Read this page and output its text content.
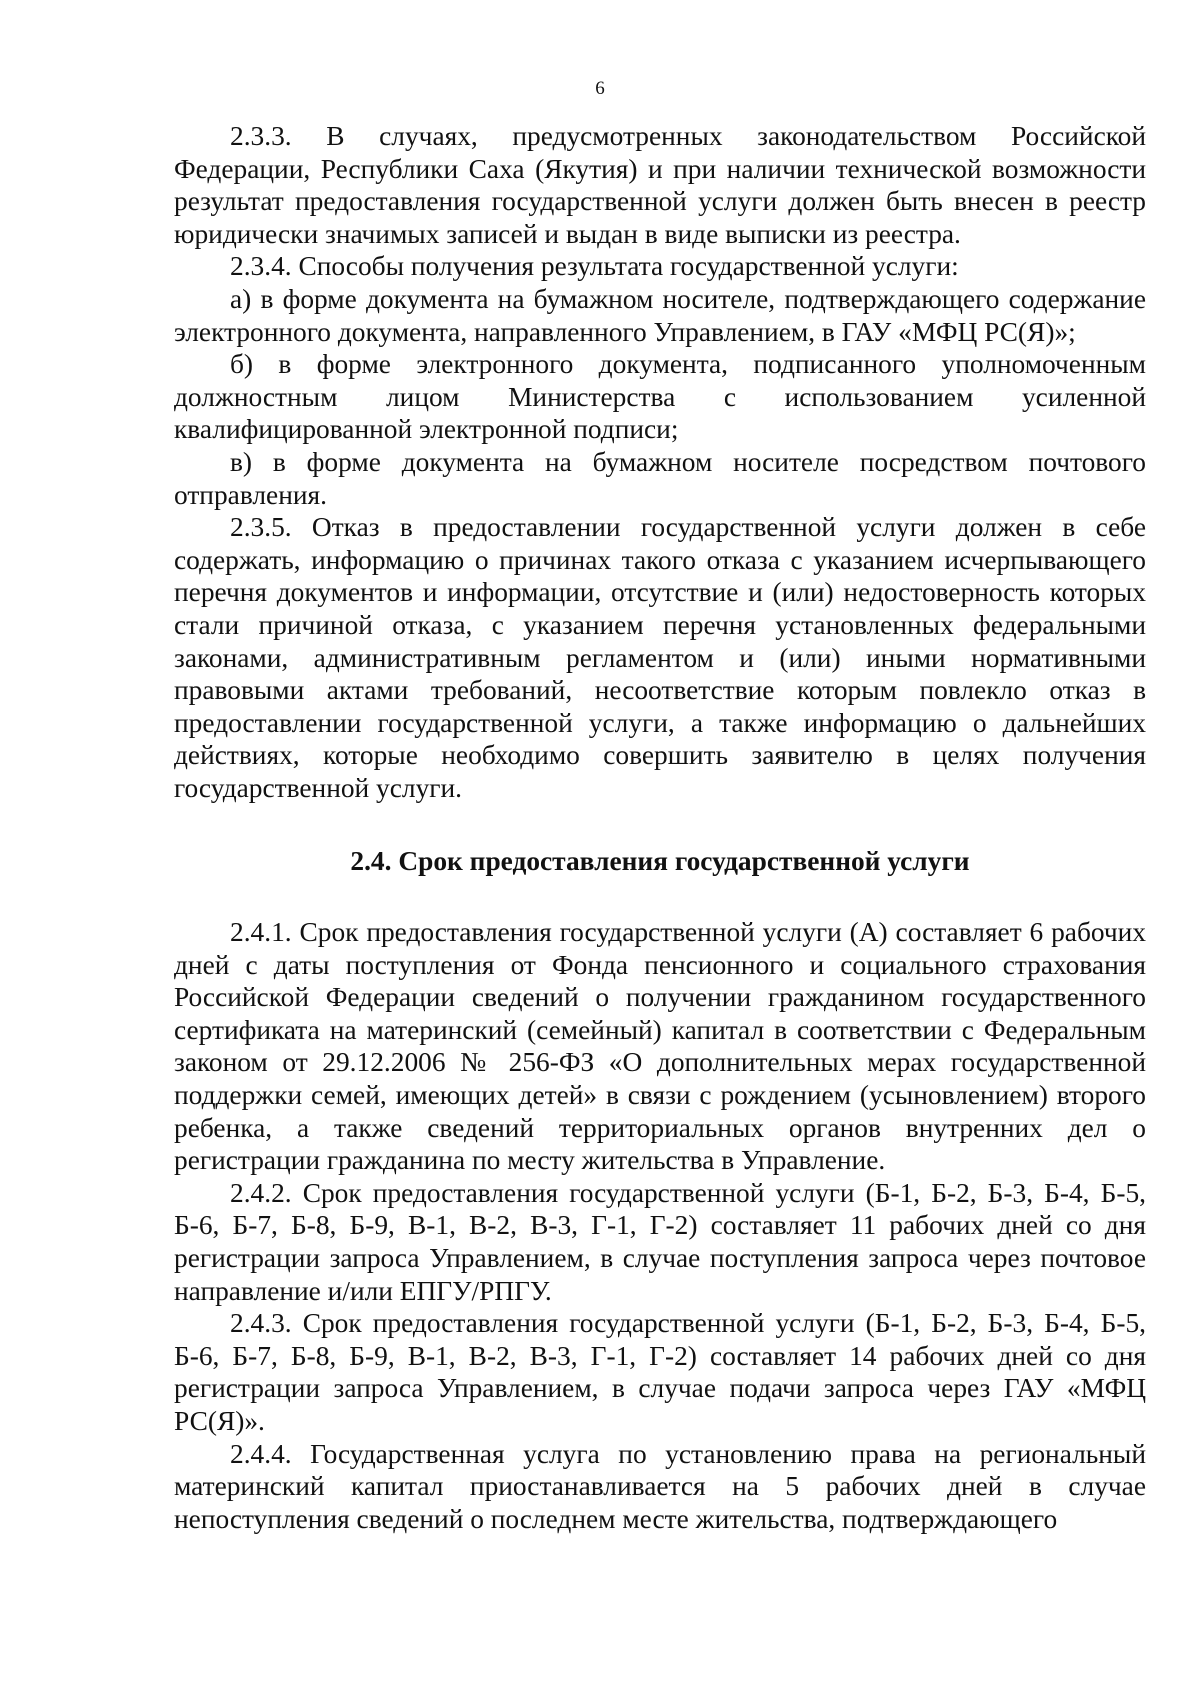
6

2.3.3. В случаях, предусмотренных законодательством Российской Федерации, Республики Саха (Якутия) и при наличии технической возможности результат предоставления государственной услуги должен быть внесен в реестр юридически значимых записей и выдан в виде выписки из реестра.

2.3.4. Способы получения результата государственной услуги:

а) в форме документа на бумажном носителе, подтверждающего содержание электронного документа, направленного Управлением, в ГАУ «МФЦ РС(Я)»;

б) в форме электронного документа, подписанного уполномоченным должностным лицом Министерства с использованием усиленной квалифицированной электронной подписи;

в) в форме документа на бумажном носителе посредством почтового отправления.

2.3.5. Отказ в предоставлении государственной услуги должен в себе содержать, информацию о причинах такого отказа с указанием исчерпывающего перечня документов и информации, отсутствие и (или) недостоверность которых стали причиной отказа, с указанием перечня установленных федеральными законами, административным регламентом и (или) иными нормативными правовыми актами требований, несоответствие которым повлекло отказ в предоставлении государственной услуги, а также информацию о дальнейших действиях, которые необходимо совершить заявителю в целях получения государственной услуги.

2.4. Срок предоставления государственной услуги

2.4.1. Срок предоставления государственной услуги (А) составляет 6 рабочих дней с даты поступления от Фонда пенсионного и социального страхования Российской Федерации сведений о получении гражданином государственного сертификата на материнский (семейный) капитал в соответствии с Федеральным законом от 29.12.2006 № 256-ФЗ «О дополнительных мерах государственной поддержки семей, имеющих детей» в связи с рождением (усыновлением) второго ребенка, а также сведений территориальных органов внутренних дел о регистрации гражданина по месту жительства в Управление.

2.4.2. Срок предоставления государственной услуги (Б-1, Б-2, Б-3, Б-4, Б-5, Б-6, Б-7, Б-8, Б-9, В-1, В-2, В-3, Г-1, Г-2) составляет 11 рабочих дней со дня регистрации запроса Управлением, в случае поступления запроса через почтовое направление и/или ЕПГУ/РПГУ.

2.4.3. Срок предоставления государственной услуги (Б-1, Б-2, Б-3, Б-4, Б-5, Б-6, Б-7, Б-8, Б-9, В-1, В-2, В-3, Г-1, Г-2) составляет 14 рабочих дней со дня регистрации запроса Управлением, в случае подачи запроса через ГАУ «МФЦ РС(Я)».

2.4.4. Государственная услуга по установлению права на региональный материнский капитал приостанавливается на 5 рабочих дней в случае непоступления сведений о последнем месте жительства, подтверждающего
